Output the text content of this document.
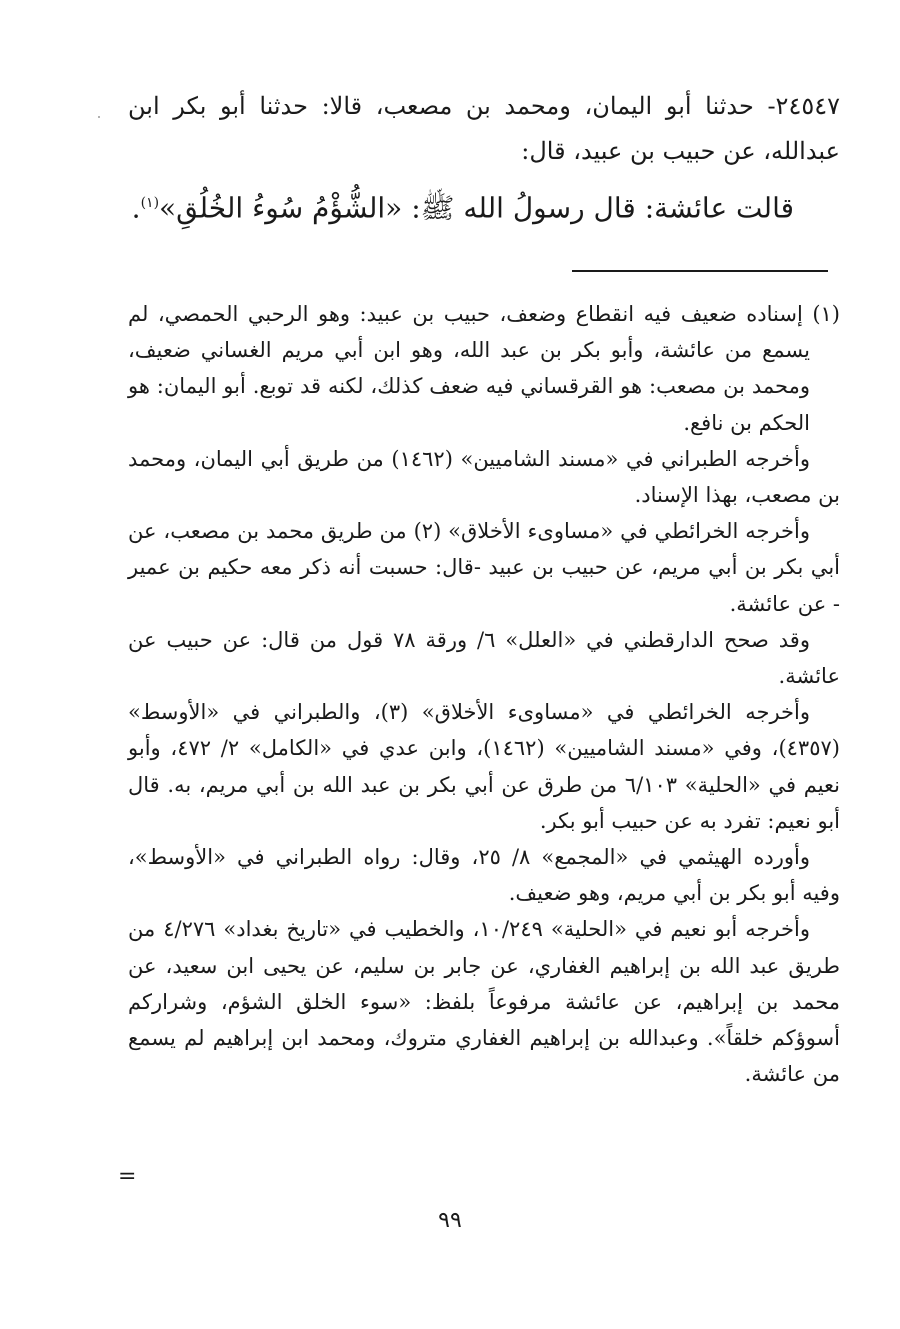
٢٤٥٤٧- حدثنا أبو اليمان، ومحمد بن مصعب، قالا: حدثنا أبو بكر ابن عبدالله، عن حبيب بن عبيد، قال:

قالت عائشة: قال رسولُ الله ﷺ: «الشُّؤْمُ سُوءُ الخُلُقِ»$^{(١)}$.

(١) إسناده ضعيف فيه انقطاع وضعف، حبيب بن عبيد: وهو الرحبي الحمصي، لم يسمع من عائشة، وأبو بكر بن عبد الله، وهو ابن أبي مريم الغساني ضعيف، ومحمد بن مصعب: هو القرقساني فيه ضعف كذلك، لكنه قد توبع. أبو اليمان: هو الحكم بن نافع.

وأخرجه الطبراني في «مسند الشاميين» (١٤٦٢) من طريق أبي اليمان، ومحمد بن مصعب، بهذا الإسناد.

وأخرجه الخرائطي في «مساوىء الأخلاق» (٢) من طريق محمد بن مصعب، عن أبي بكر بن أبي مريم، عن حبيب بن عبيد -قال: حسبت أنه ذكر معه حكيم بن عمير - عن عائشة.

وقد صحح الدارقطني في «العلل» ٦/ ورقة ٧٨ قول من قال: عن حبيب عن عائشة.

وأخرجه الخرائطي في «مساوىء الأخلاق» (٣)، والطبراني في «الأوسط» (٤٣٥٧)، وفي «مسند الشاميين» (١٤٦٢)، وابن عدي في «الكامل» ٢/ ٤٧٢، وأبو نعيم في «الحلية» ٦/١٠٣ من طرق عن أبي بكر بن عبد الله بن أبي مريم، به. قال أبو نعيم: تفرد به عن حبيب أبو بكر.

وأورده الهيثمي في «المجمع» ٨/ ٢٥، وقال: رواه الطبراني في «الأوسط»، وفيه أبو بكر بن أبي مريم، وهو ضعيف.

وأخرجه أبو نعيم في «الحلية» ١٠/٢٤٩، والخطيب في «تاريخ بغداد» ٤/٢٧٦ من طريق عبد الله بن إبراهيم الغفاري، عن جابر بن سليم، عن يحيى ابن سعيد، عن محمد بن إبراهيم، عن عائشة مرفوعاً بلفظ: «سوء الخلق الشؤم، وشراركم أسوؤكم خلقاً». وعبدالله بن إبراهيم الغفاري متروك، ومحمد ابن إبراهيم لم يسمع من عائشة.

=
٩٩
